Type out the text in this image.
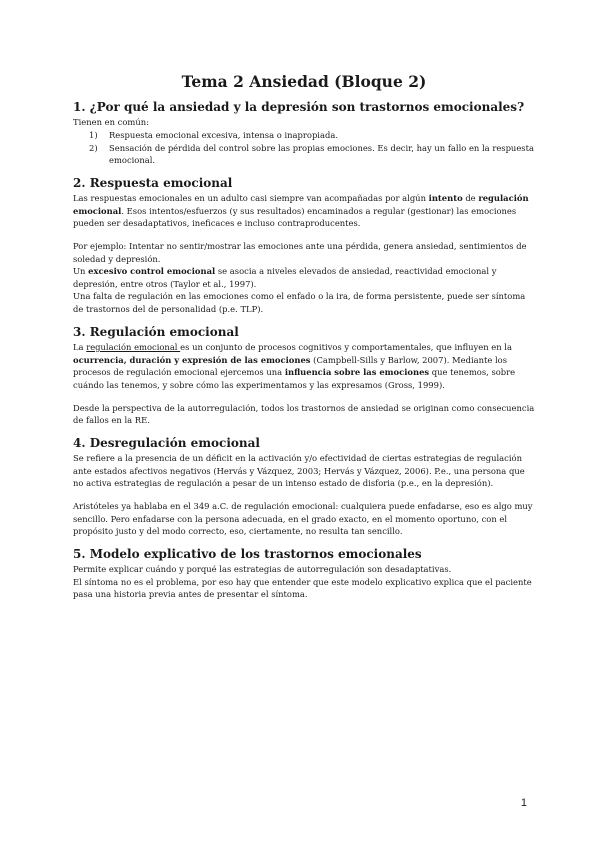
Tema 2 Ansiedad (Bloque 2)
1. ¿Por qué la ansiedad y la depresión son trastornos emocionales?

Tienen en común:

1)	Respuesta emocional excesiva, intensa o inapropiada.
2)	Sensación de pérdida del control sobre las propias emociones. Es decir, hay un fallo en la respuesta emocional.
2. Respuesta emocional

Las respuestas emocionales en un adulto casi siempre van acompañadas por algún intento de regulación emocional. Esos intentos/esfuerzos (y sus resultados) encaminados a regular (gestionar) las emociones pueden ser desadaptativos, ineficaces e incluso contraproducentes.

Por ejemplo: Intentar no sentir/mostrar las emociones ante una pérdida, genera ansiedad, sentimientos de soledad y depresión.

Un excesivo control emocional se asocia a niveles elevados de ansiedad, reactividad emocional y depresión, entre otros (Taylor et al., 1997).

Una falta de regulación en las emociones como el enfado o la ira, de forma persistente, puede ser síntoma de trastornos del de personalidad (p.e. TLP).

3. Regulación emocional

La regulación emocional es un conjunto de procesos cognitivos y comportamentales, que influyen en la ocurrencia, duración y expresión de las emociones (Campbell-Sills y Barlow, 2007). Mediante los procesos de regulación emocional ejercemos una influencia sobre las emociones que tenemos, sobre cuándo las tenemos, y sobre cómo las experimentamos y las expresamos (Gross, 1999).

Desde la perspectiva de la autorregulación, todos los trastornos de ansiedad se originan como consecuencia de fallos en la RE.

4. Desregulación emocional

Se refiere a la presencia de un déficit en la activación y/o efectividad de ciertas estrategias de regulación ante estados afectivos negativos (Hervás y Vázquez, 2003; Hervás y Vázquez, 2006). P.e., una persona que no activa estrategias de regulación a pesar de un intenso estado de disforia (p.e., en la depresión).

Aristóteles ya hablaba en el 349 a.C. de regulación emocional: cualquiera puede enfadarse, eso es algo muy sencillo. Pero enfadarse con la persona adecuada, en el grado exacto, en el momento oportuno, con el propósito justo y del modo correcto, eso, ciertamente, no resulta tan sencillo.

5. Modelo explicativo de los trastornos emocionales

Permite explicar cuándo y porqué las estrategias de autorregulación son desadaptativas.

El síntoma no es el problema, por eso hay que entender que este modelo explicativo explica que el paciente pasa una historia previa antes de presentar el síntoma.

1
